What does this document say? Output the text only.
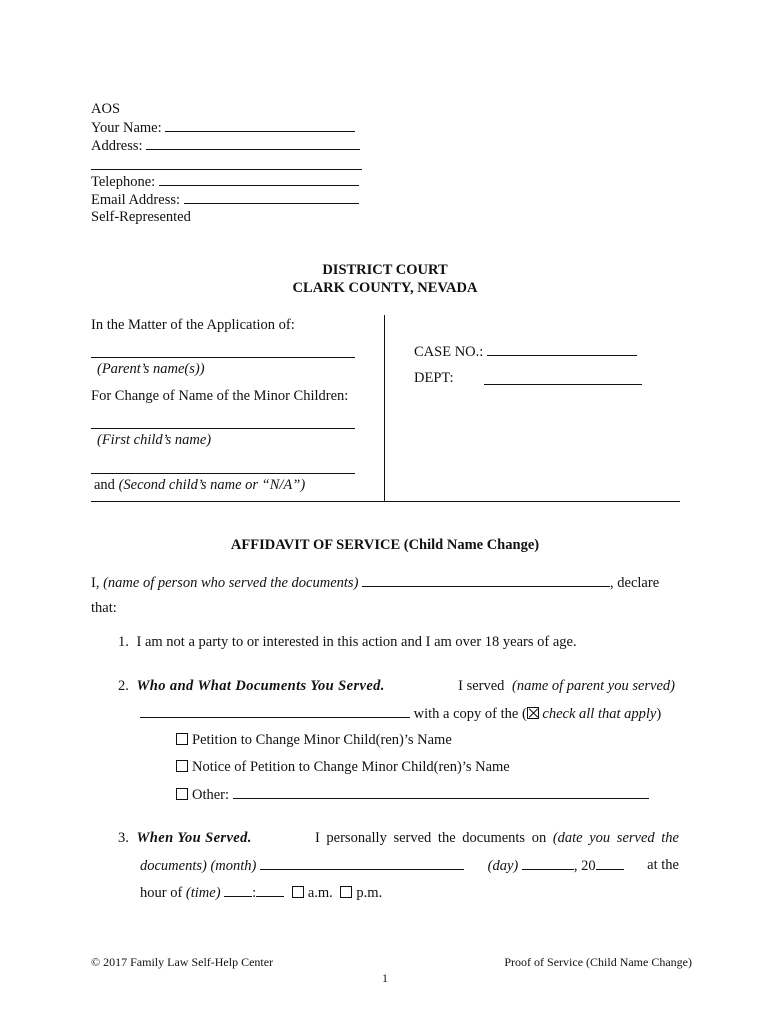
AOS
Your Name:
Address:
Telephone:
Email Address:
Self-Represented
DISTRICT COURT
CLARK COUNTY, NEVADA
In the Matter of the Application of:
(Parent’s name(s))
For Change of Name of the Minor Children:
(First child’s name)
and (Second child’s name or “N/A”)
CASE NO.:
DEPT:
AFFIDAVIT OF SERVICE (Child Name Change)
I, (name of person who served the documents)	, declare
that:
1. I am not a party to or interested in this action and I am over 18 years of age.
2. Who and What Documents You Served.	I served (name of parent you served)
with a copy of the ( check all that apply)
Petition to Change Minor Child(ren)’s Name
Notice of Petition to Change Minor Child(ren)’s Name
Other:
3. When You Served.	I personally served the documents on (date you served the
documents) (month)	(day)	, 20	at the
hour of (time) :	a.m. p.m.
© 2017 Family Law Self-Help Center	Proof of Service (Child Name Change)
1
